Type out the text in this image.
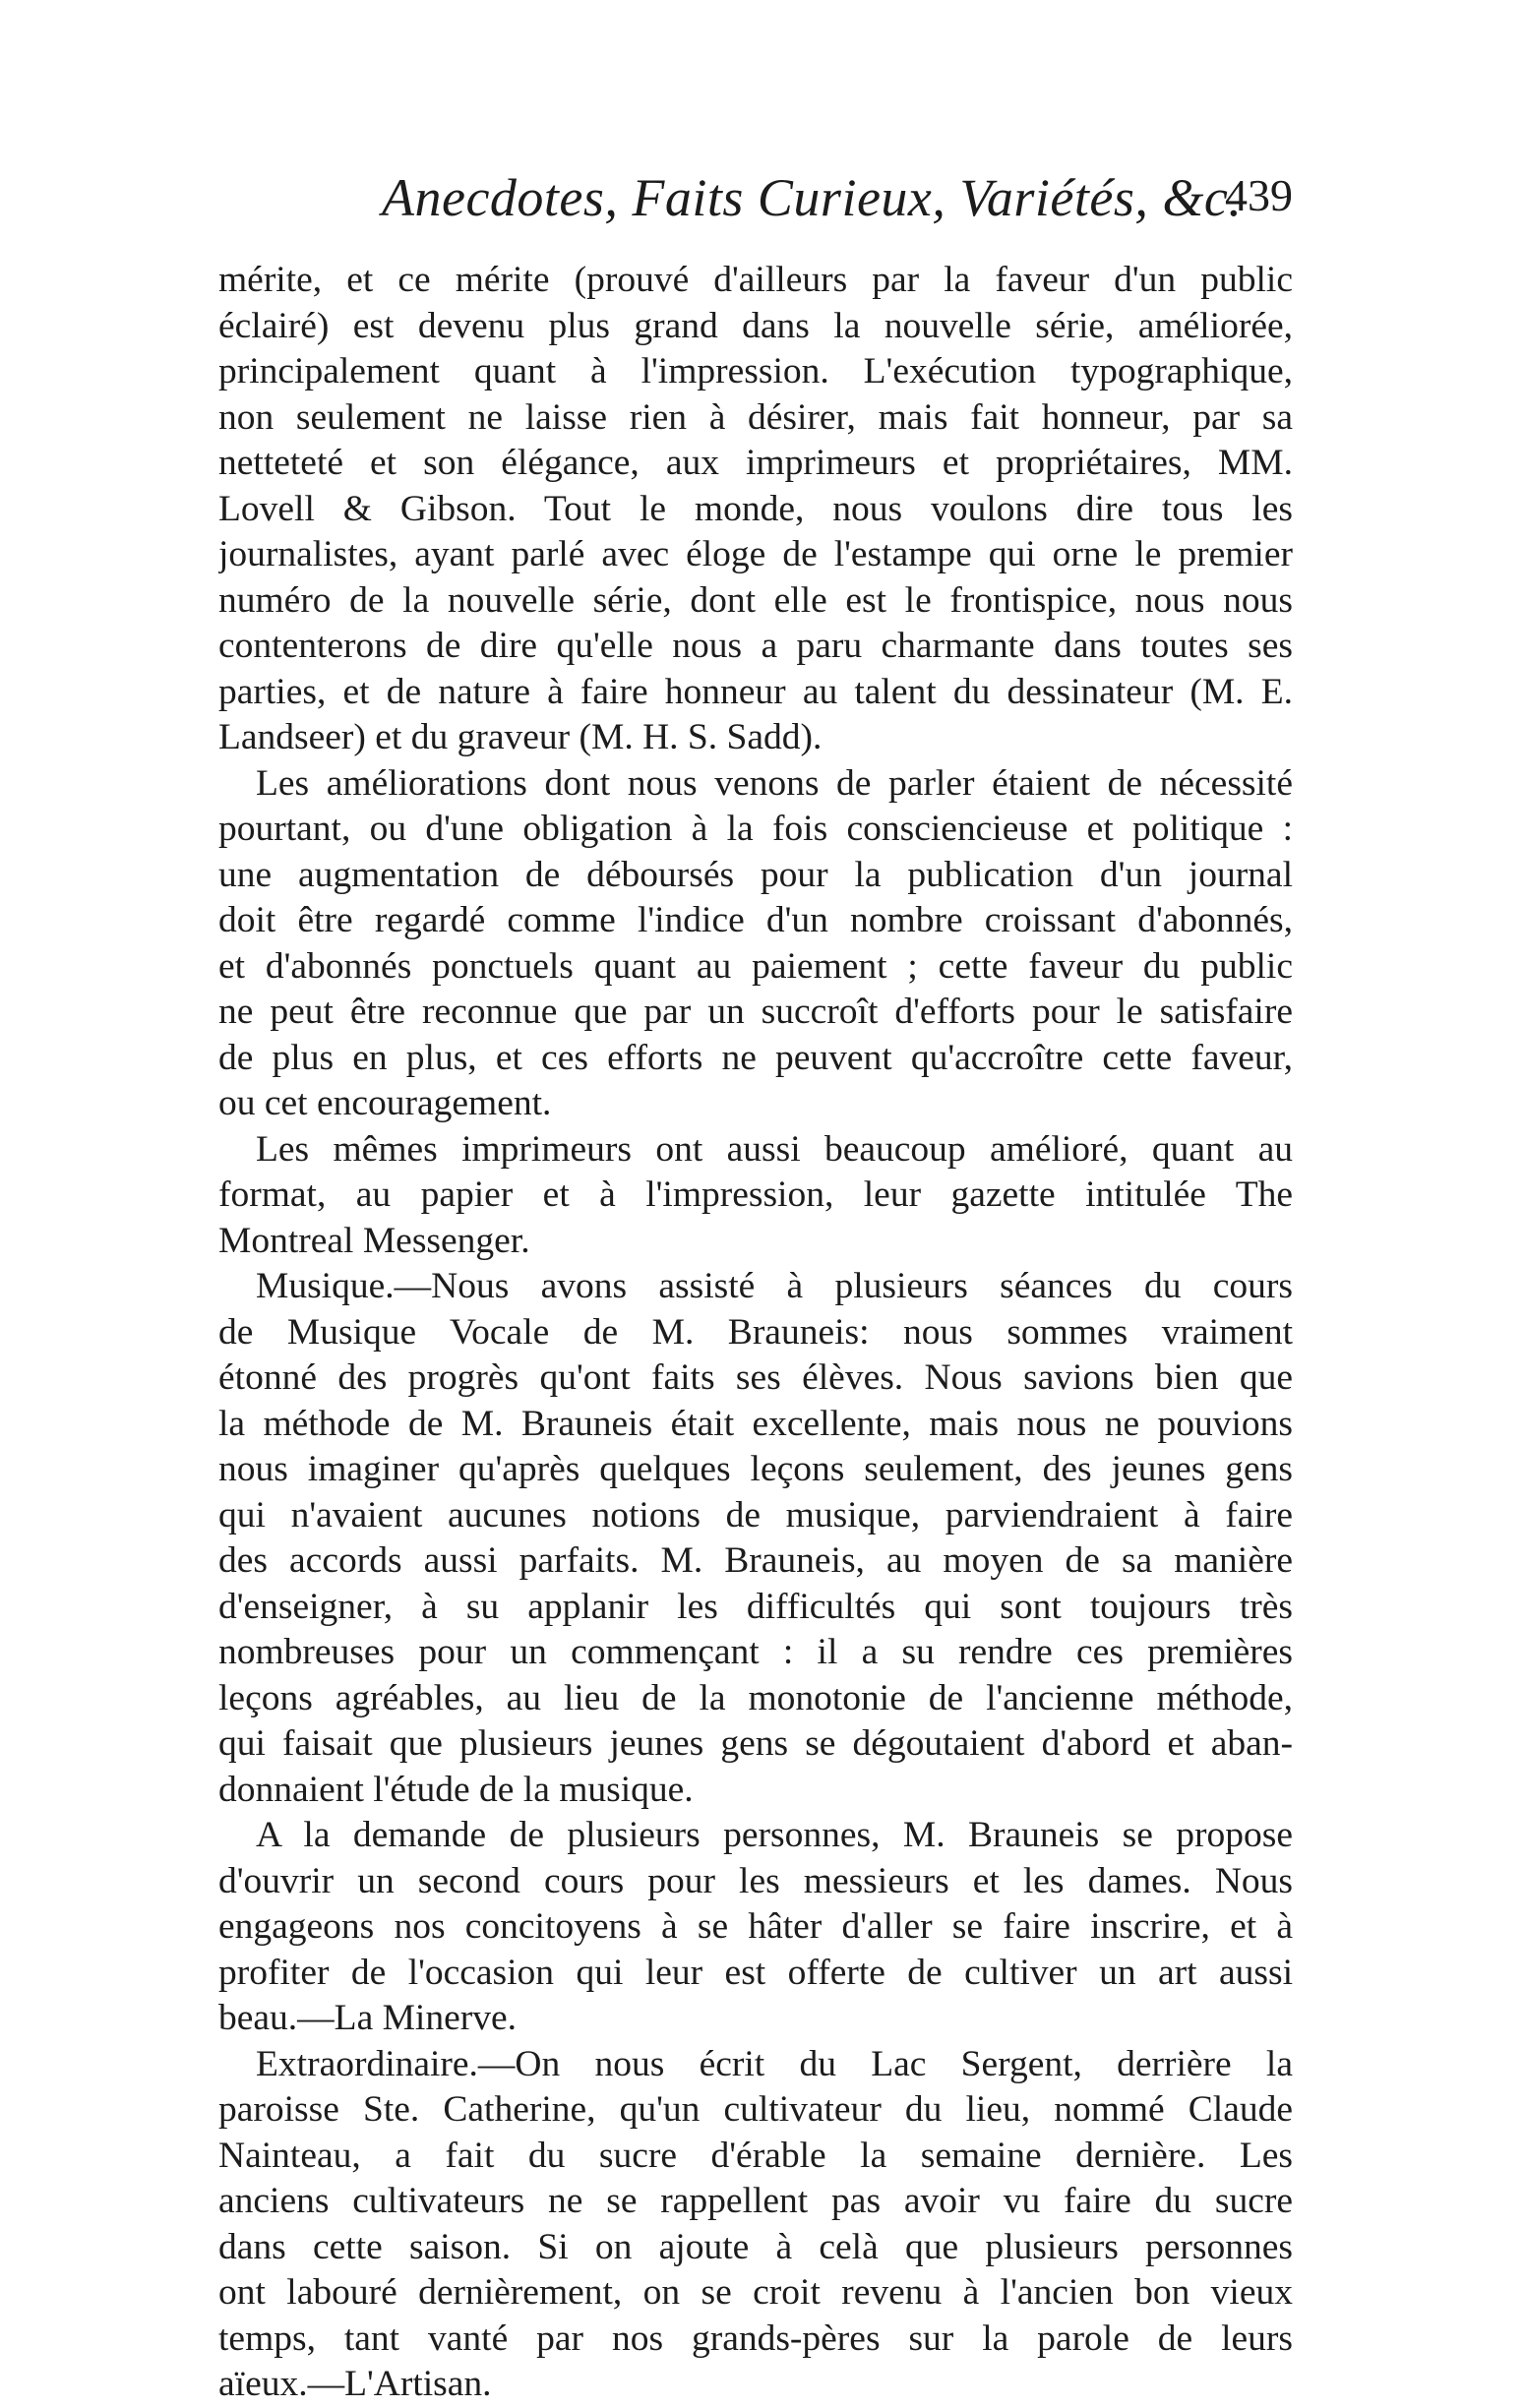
Anecdotes, Faits Curieux, Variétés, &c.
439
mérite, et ce mérite (prouvé d'ailleurs par la faveur d'un public
éclairé) est devenu plus grand dans la nouvelle série, améliorée,
principalement quant à l'impression. L'exécution typographique,
non seulement ne laisse rien à désirer, mais fait honneur, par sa
netteteté et son élégance, aux imprimeurs et propriétaires, MM.
Lovell & Gibson. Tout le monde, nous voulons dire tous les
journalistes, ayant parlé avec éloge de l'estampe qui orne le premier
numéro de la nouvelle série, dont elle est le frontispice, nous nous
contenterons de dire qu'elle nous a paru charmante dans toutes ses
parties, et de nature à faire honneur au talent du dessinateur (M. E.
Landseer) et du graveur (M. H. S. Sadd).
Les améliorations dont nous venons de parler étaient de nécessité
pourtant, ou d'une obligation à la fois consciencieuse et politique :
une augmentation de déboursés pour la publication d'un journal
doit être regardé comme l'indice d'un nombre croissant d'abonnés,
et d'abonnés ponctuels quant au paiement ; cette faveur du public
ne peut être reconnue que par un succroît d'efforts pour le satisfaire
de plus en plus, et ces efforts ne peuvent qu'accroître cette faveur,
ou cet encouragement.
Les mêmes imprimeurs ont aussi beaucoup amélioré, quant au
format, au papier et à l'impression, leur gazette intitulée The
Montreal Messenger.
Musique.—Nous avons assisté à plusieurs séances du cours
de Musique Vocale de M. Brauneis: nous sommes vraiment
étonné des progrès qu'ont faits ses élèves. Nous savions bien que
la méthode de M. Brauneis était excellente, mais nous ne pouvions
nous imaginer qu'après quelques leçons seulement, des jeunes gens
qui n'avaient aucunes notions de musique, parviendraient à faire
des accords aussi parfaits. M. Brauneis, au moyen de sa manière
d'enseigner, à su applanir les difficultés qui sont toujours très
nombreuses pour un commençant : il a su rendre ces premières
leçons agréables, au lieu de la monotonie de l'ancienne méthode,
qui faisait que plusieurs jeunes gens se dégoutaient d'abord et aban-
donnaient l'étude de la musique.
A la demande de plusieurs personnes, M. Brauneis se propose
d'ouvrir un second cours pour les messieurs et les dames. Nous
engageons nos concitoyens à se hâter d'aller se faire inscrire, et à
profiter de l'occasion qui leur est offerte de cultiver un art aussi
beau.—La Minerve.
Extraordinaire.—On nous écrit du Lac Sergent, derrière la
paroisse Ste. Catherine, qu'un cultivateur du lieu, nommé Claude
Nainteau, a fait du sucre d'érable la semaine dernière. Les
anciens cultivateurs ne se rappellent pas avoir vu faire du sucre
dans cette saison. Si on ajoute à celà que plusieurs personnes
ont labouré dernièrement, on se croit revenu à l'ancien bon vieux
temps, tant vanté par nos grands-pères sur la parole de leurs
aïeux.—L'Artisan.
